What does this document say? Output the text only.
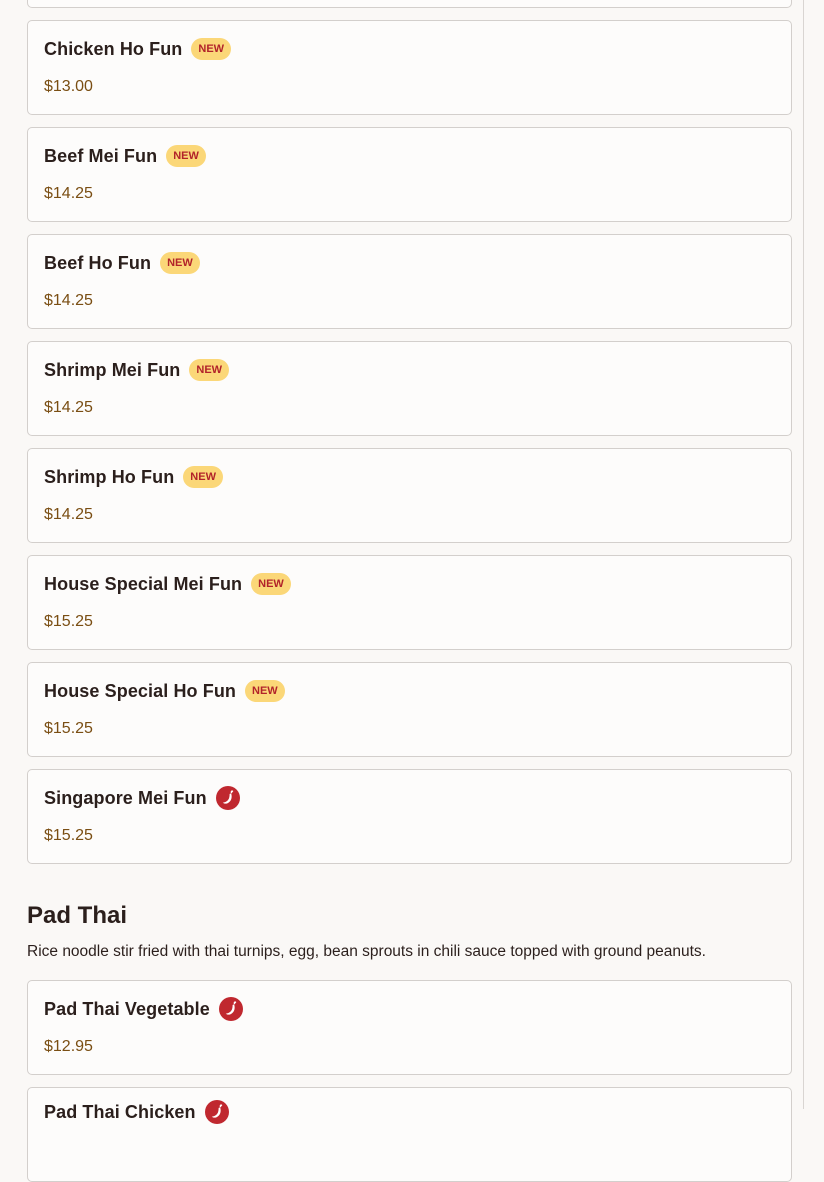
Chicken Ho Fun	NEW
$13.00
Beef Mei Fun	NEW
$14.25
Beef Ho Fun	NEW
$14.25
Shrimp Mei Fun	NEW
$14.25
Shrimp Ho Fun	NEW
$14.25
House Special Mei Fun	NEW
$15.25
House Special Ho Fun	NEW
$15.25
Singapore Mei Fun
$15.25
Pad Thai

Rice noodle stir fried with thai turnips, egg, bean sprouts in chili sauce topped with ground peanuts.

Pad Thai Vegetable
$12.95
Pad Thai Chicken
